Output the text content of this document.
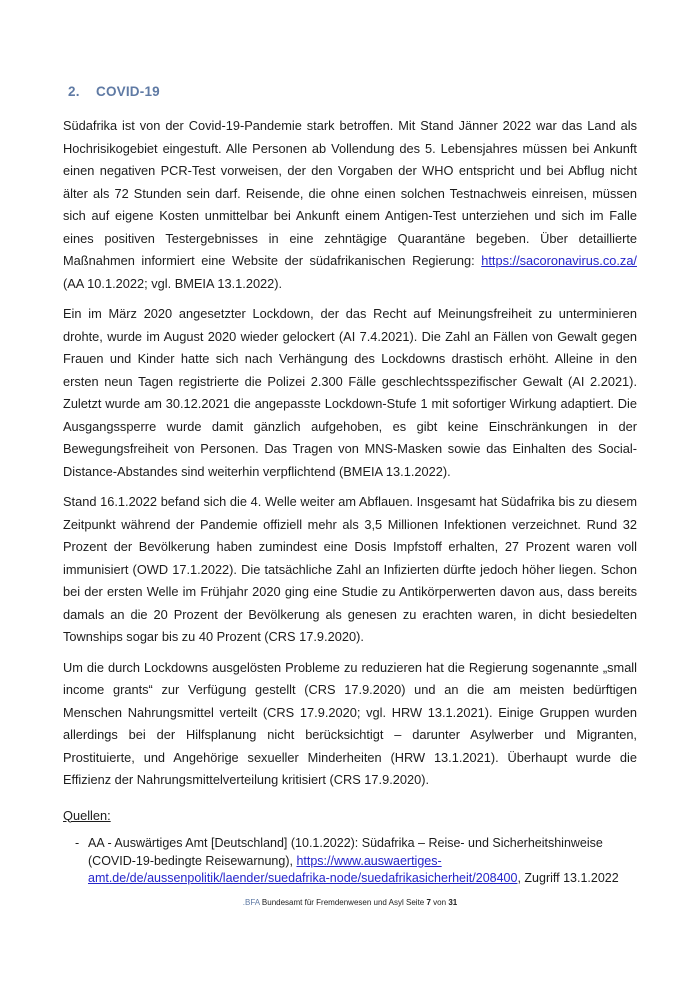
2. COVID-19

Südafrika ist von der Covid-19-Pandemie stark betroffen. Mit Stand Jänner 2022 war das Land als Hochrisikogebiet eingestuft. Alle Personen ab Vollendung des 5. Lebensjahres müssen bei Ankunft einen negativen PCR-Test vorweisen, der den Vorgaben der WHO entspricht und bei Abflug nicht älter als 72 Stunden sein darf. Reisende, die ohne einen solchen Testnachweis einreisen, müssen sich auf eigene Kosten unmittelbar bei Ankunft einem Antigen-Test unterziehen und sich im Falle eines positiven Testergebnisses in eine zehntägige Quarantäne begeben. Über detaillierte Maßnahmen informiert eine Website der südafrikanischen Regierung: https://sacoronavirus.co.za/ (AA 10.1.2022; vgl. BMEIA 13.1.2022).

Ein im März 2020 angesetzter Lockdown, der das Recht auf Meinungsfreiheit zu unterminieren drohte, wurde im August 2020 wieder gelockert (AI 7.4.2021). Die Zahl an Fällen von Gewalt gegen Frauen und Kinder hatte sich nach Verhängung des Lockdowns drastisch erhöht. Alleine in den ersten neun Tagen registrierte die Polizei 2.300 Fälle geschlechtsspezifischer Gewalt (AI 2.2021). Zuletzt wurde am 30.12.2021 die angepasste Lockdown-Stufe 1 mit sofortiger Wirkung adaptiert. Die Ausgangssperre wurde damit gänzlich aufgehoben, es gibt keine Einschränkungen in der Bewegungsfreiheit von Personen. Das Tragen von MNS-Masken sowie das Einhalten des Social-Distance-Abstandes sind weiterhin verpflichtend (BMEIA 13.1.2022).

Stand 16.1.2022 befand sich die 4. Welle weiter am Abflauen. Insgesamt hat Südafrika bis zu diesem Zeitpunkt während der Pandemie offiziell mehr als 3,5 Millionen Infektionen verzeichnet. Rund 32 Prozent der Bevölkerung haben zumindest eine Dosis Impfstoff erhalten, 27 Prozent waren voll immunisiert (OWD 17.1.2022). Die tatsächliche Zahl an Infizierten dürfte jedoch höher liegen. Schon bei der ersten Welle im Frühjahr 2020 ging eine Studie zu Antikörperwerten davon aus, dass bereits damals an die 20 Prozent der Bevölkerung als genesen zu erachten waren, in dicht besiedelten Townships sogar bis zu 40 Prozent (CRS 17.9.2020).

Um die durch Lockdowns ausgelösten Probleme zu reduzieren hat die Regierung sogenannte „small income grants“ zur Verfügung gestellt (CRS 17.9.2020) und an die am meisten bedürftigen Menschen Nahrungsmittel verteilt (CRS 17.9.2020; vgl. HRW 13.1.2021). Einige Gruppen wurden allerdings bei der Hilfsplanung nicht berücksichtigt – darunter Asylwerber und Migranten, Prostituierte, und Angehörige sexueller Minderheiten (HRW 13.1.2021). Überhaupt wurde die Effizienz der Nahrungsmittelverteilung kritisiert (CRS 17.9.2020).

Quellen:
- AA - Auswärtiges Amt [Deutschland] (10.1.2022): Südafrika – Reise- und Sicherheitshinweise (COVID-19-bedingte Reisewarnung), https://www.auswaertiges-amt.de/de/aussenpolitik/laender/suedafrika-node/suedafrikasicherheit/208400, Zugriff 13.1.2022
.BFA Bundesamt für Fremdenwesen und Asyl Seite 7 von 31
